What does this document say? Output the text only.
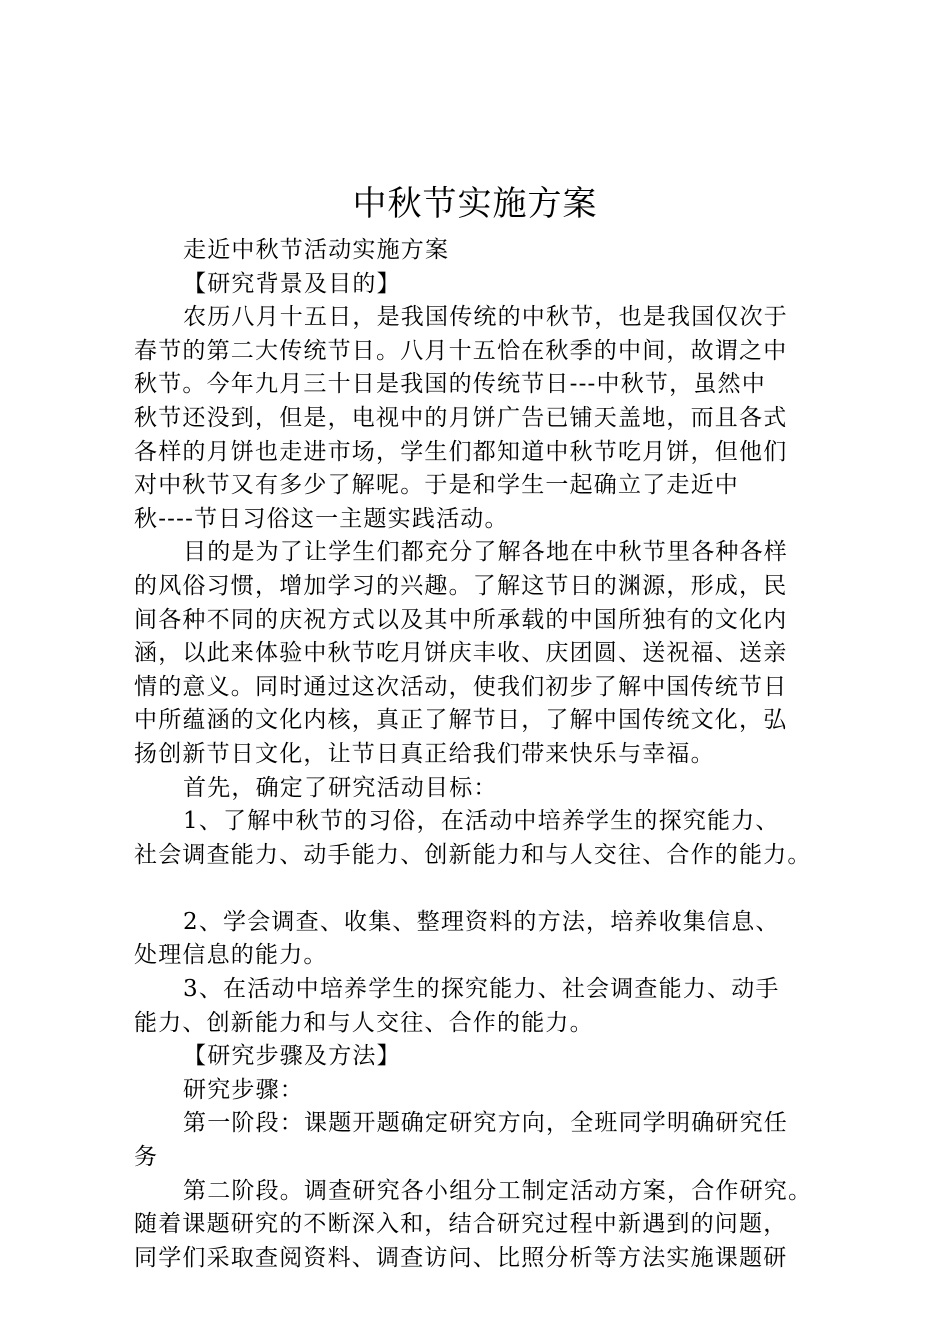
中秋节实施方案
走近中秋节活动实施方案
【研究背景及目的】
农历八月十五日，是我国传统的中秋节，也是我国仅次于
春节的第二大传统节日。八月十五恰在秋季的中间，故谓之中
秋节。今年九月三十日是我国的传统节日---中秋节，虽然中
秋节还没到，但是，电视中的月饼广告已铺天盖地，而且各式
各样的月饼也走进市场，学生们都知道中秋节吃月饼，但他们
对中秋节又有多少了解呢。于是和学生一起确立了走近中
秋----节日习俗这一主题实践活动。
目的是为了让学生们都充分了解各地在中秋节里各种各样
的风俗习惯，增加学习的兴趣。了解这节日的渊源，形成，民
间各种不同的庆祝方式以及其中所承载的中国所独有的文化内
涵，以此来体验中秋节吃月饼庆丰收、庆团圆、送祝福、送亲
情的意义。同时通过这次活动，使我们初步了解中国传统节日
中所蕴涵的文化内核，真正了解节日，了解中国传统文化，弘
扬创新节日文化，让节日真正给我们带来快乐与幸福。
首先，确定了研究活动目标：
1、了解中秋节的习俗，在活动中培养学生的探究能力、
社会调查能力、动手能力、创新能力和与人交往、合作的能力。
2、学会调查、收集、整理资料的方法，培养收集信息、
处理信息的能力。
3、在活动中培养学生的探究能力、社会调查能力、动手
能力、创新能力和与人交往、合作的能力。
【研究步骤及方法】
研究步骤：
第一阶段：课题开题确定研究方向，全班同学明确研究任
务
第二阶段。调查研究各小组分工制定活动方案，合作研究。
随着课题研究的不断深入和，结合研究过程中新遇到的问题，
同学们采取查阅资料、调查访问、比照分析等方法实施课题研
